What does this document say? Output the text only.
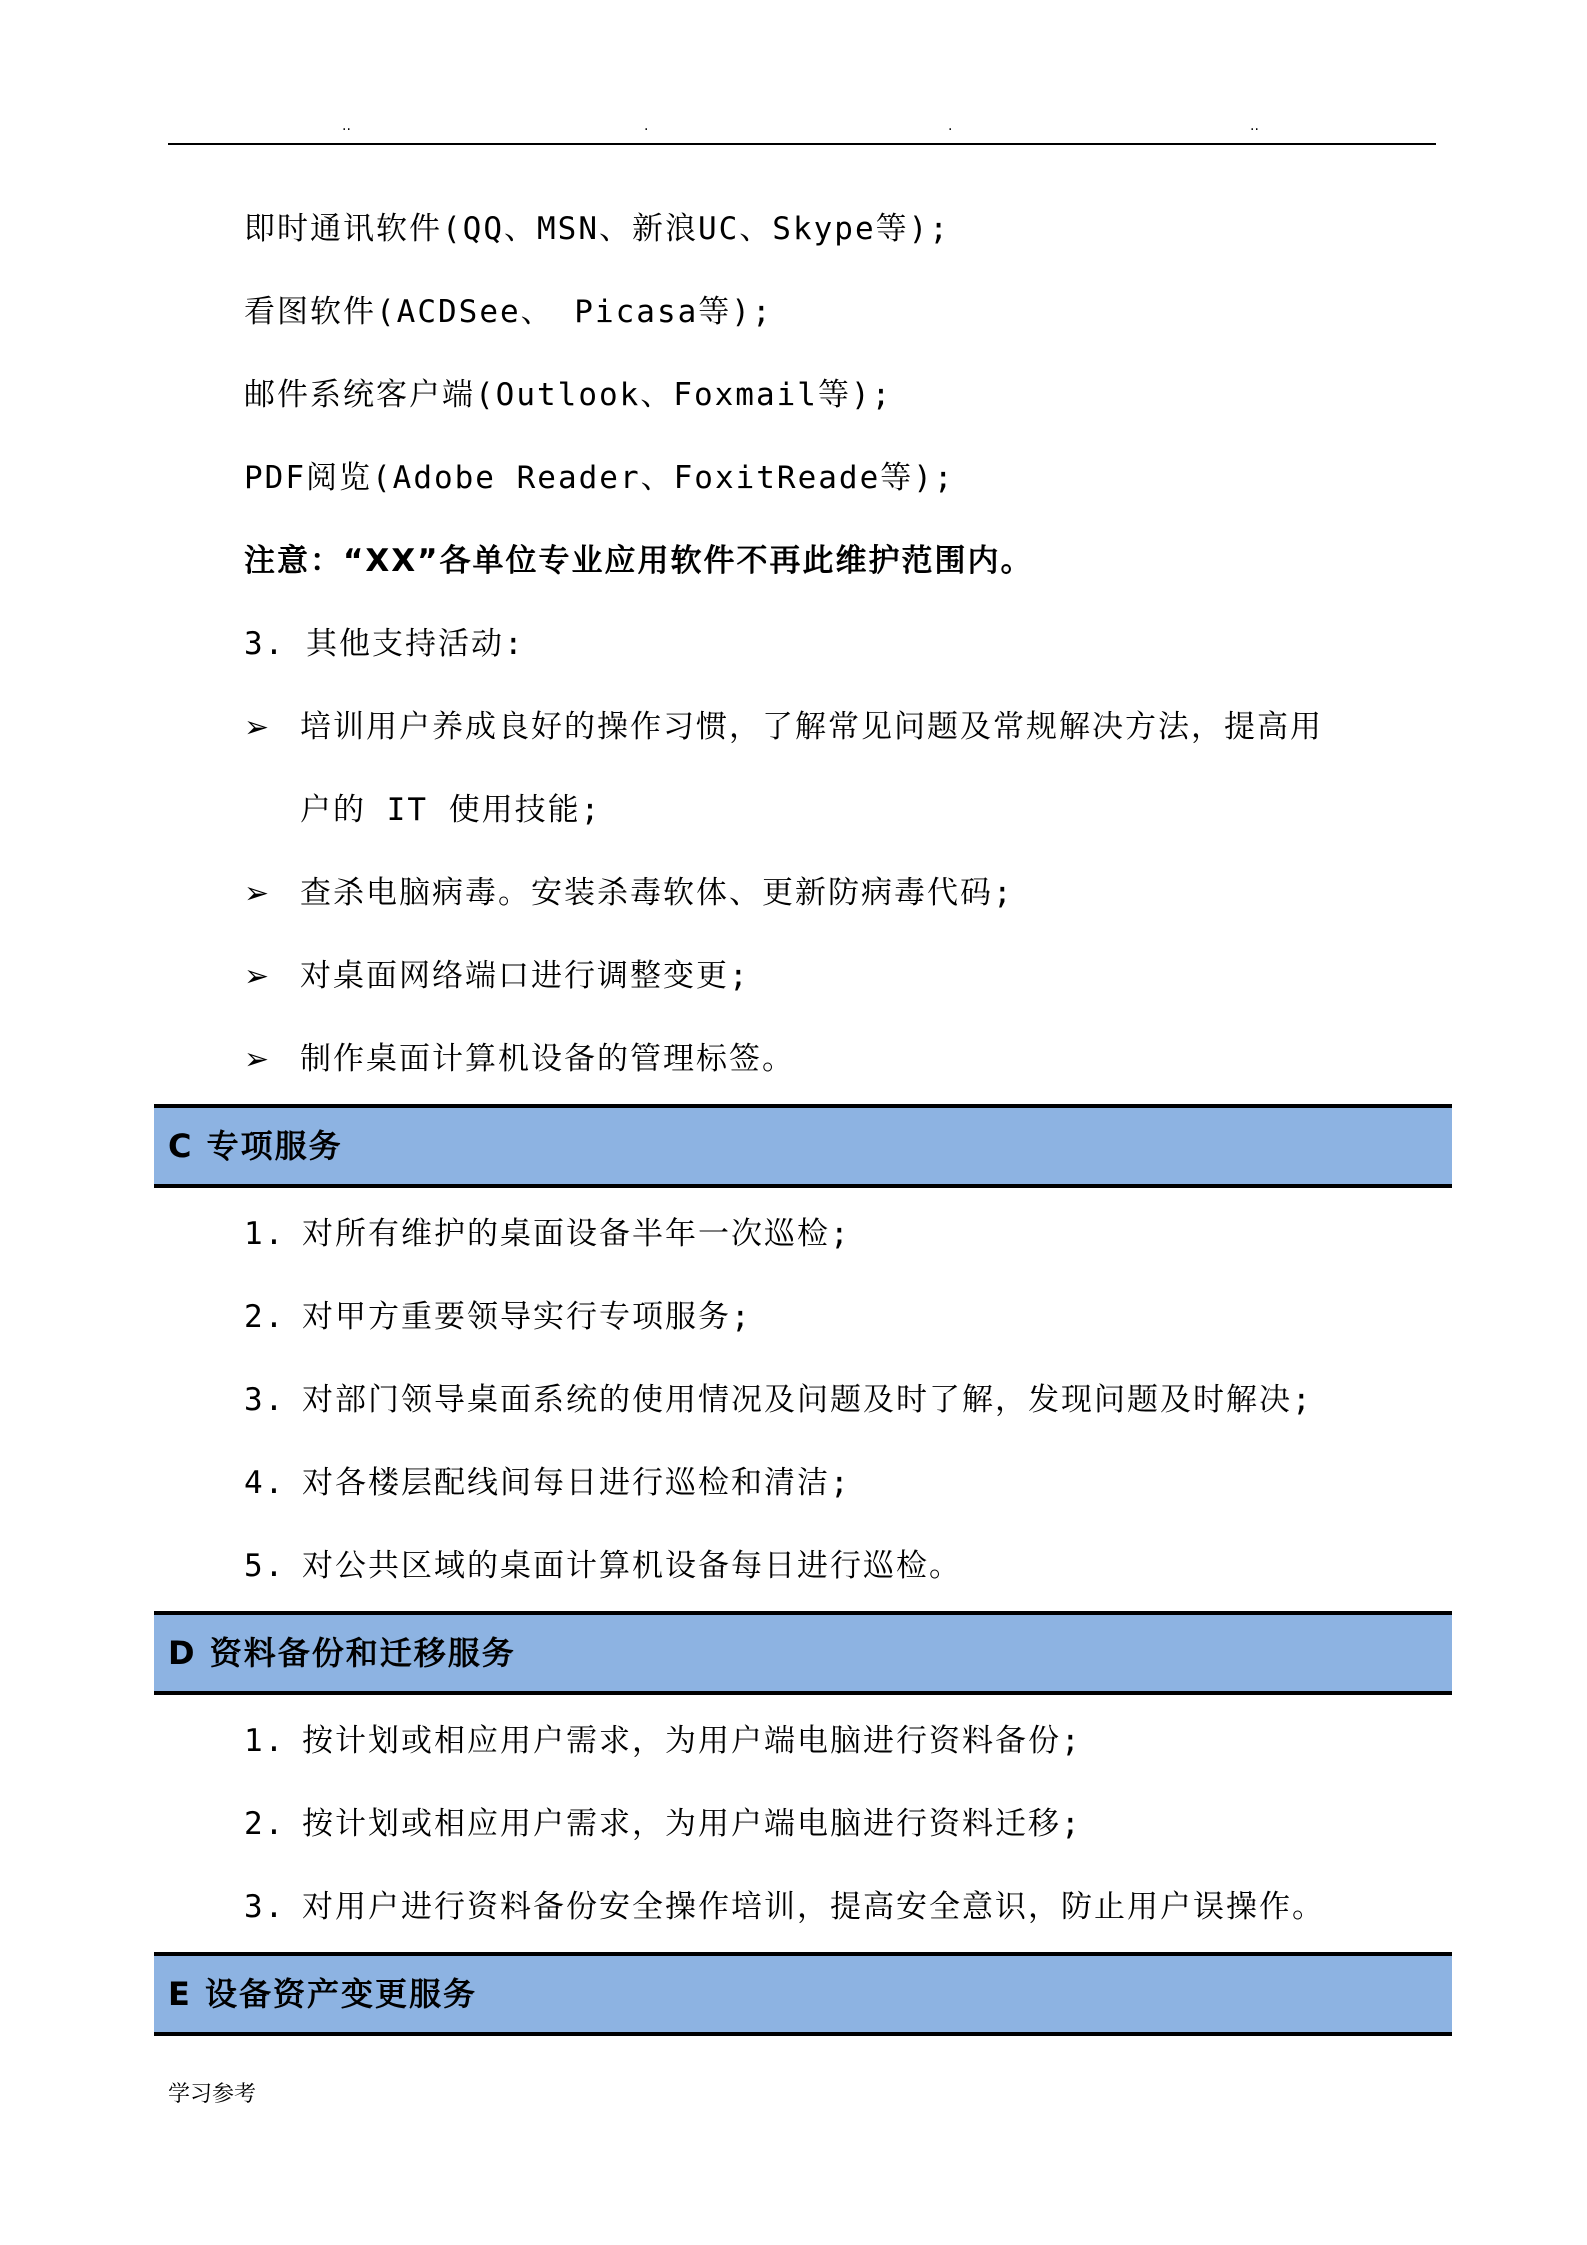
..	.	.	..
即时通讯软件(QQ、MSN、新浪UC、Skype等);
看图软件(ACDSee、 Picasa等);
邮件系统客户端(Outlook、Foxmail等);
PDF阅览(Adobe Reader、FoxitReade等);
注意：“XX”各单位专业应用软件不再此维护范围内。
3. 其他支持活动:
➢ 培训用户养成良好的操作习惯，了解常见问题及常规解决方法，提高用
户的 IT 使用技能;
➢ 查杀电脑病毒。安装杀毒软体、更新防病毒代码;
➢ 对桌面网络端口进行调整变更;
➢ 制作桌面计算机设备的管理标签。
C 专项服务
1. 对所有维护的桌面设备半年一次巡检;
2. 对甲方重要领导实行专项服务;
3. 对部门领导桌面系统的使用情况及问题及时了解，发现问题及时解决;
4. 对各楼层配线间每日进行巡检和清洁;
5. 对公共区域的桌面计算机设备每日进行巡检。
D 资料备份和迁移服务
1. 按计划或相应用户需求，为用户端电脑进行资料备份;
2. 按计划或相应用户需求，为用户端电脑进行资料迁移;
3. 对用户进行资料备份安全操作培训，提高安全意识，防止用户误操作。
E 设备资产变更服务
学习参考
